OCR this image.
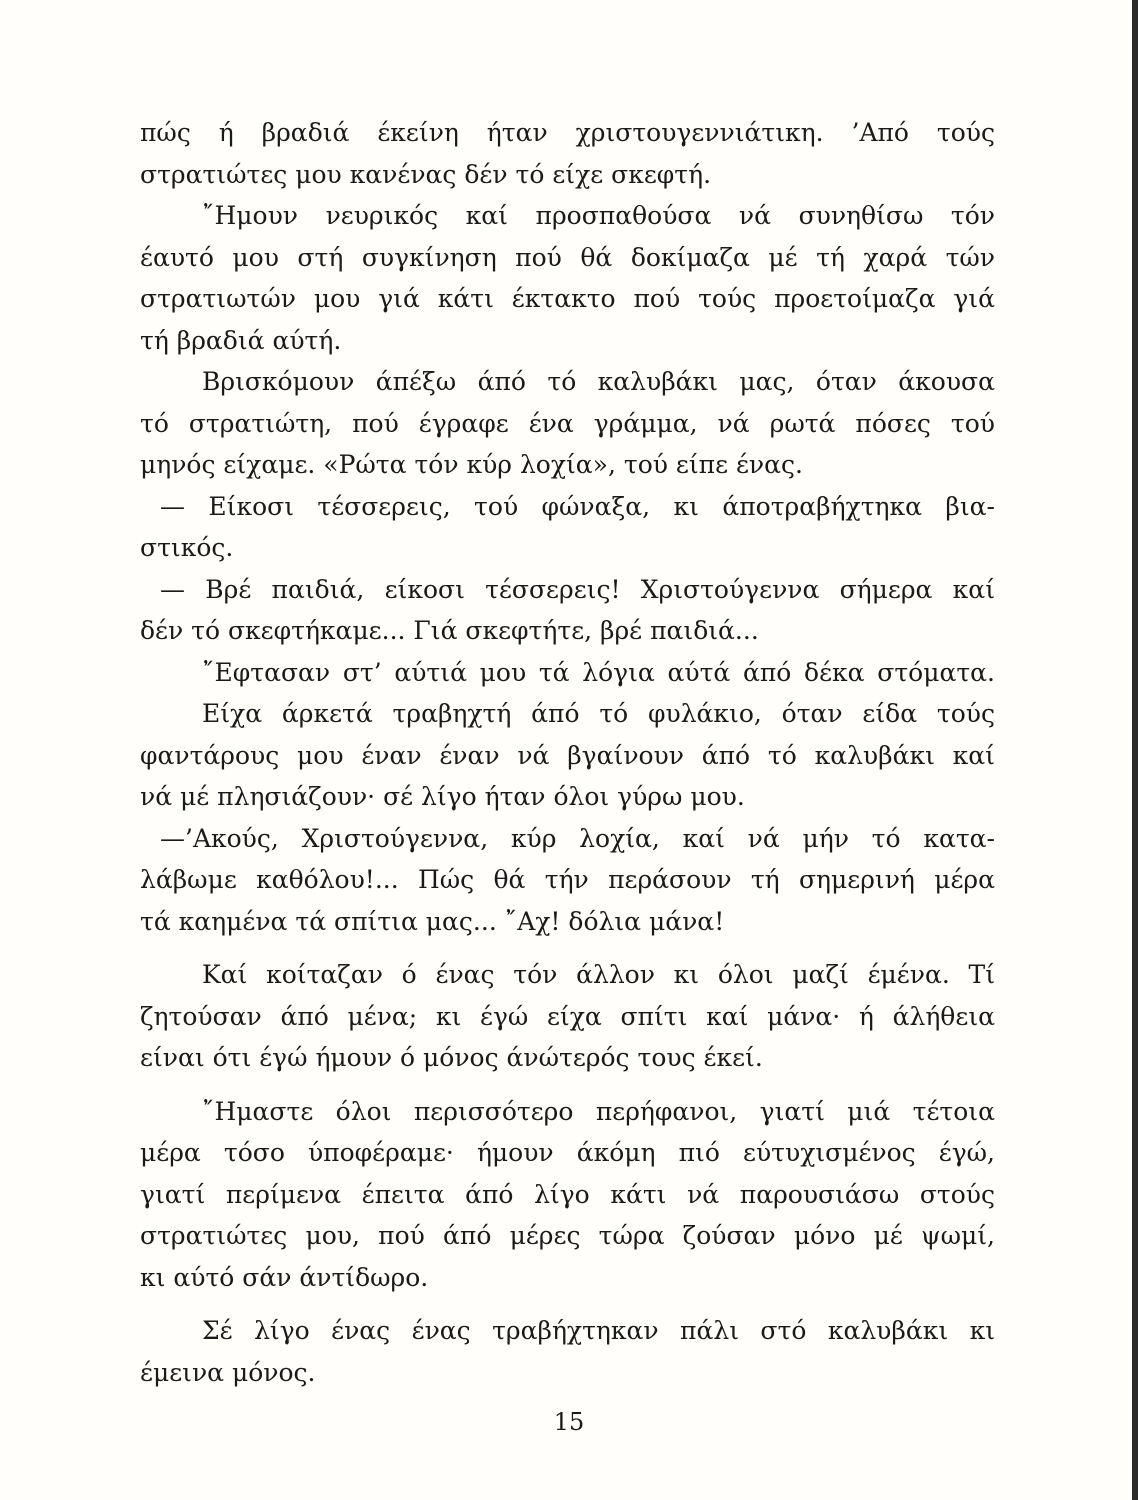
πώς ή βραδιά έκείνη ήταν χριστουγεννιάτικη. ’Από τούς
στρατιώτες μου κανένας δέν τό είχε σκεφτή.
῎Ημουν νευρικός καί προσπαθούσα νά συνηθίσω τόν
έαυτό μου στή συγκίνηση πού θά δοκίμαζα μέ τή χαρά τών
στρατιωτών μου γιά κάτι έκτακτο πού τούς προετοίμαζα γιά
τή βραδιά αύτή.
Βρισκόμουν άπέξω άπό τό καλυβάκι μας, όταν άκουσα
τό στρατιώτη, πού έγραφε ένα γράμμα, νά ρωτά πόσες τού
μηνός είχαμε. «Ρώτα τόν κύρ λοχία», τού είπε ένας.
— Είκοσι τέσσερεις, τού φώναξα, κι άποτραβήχτηκα βια-
στικός.
— Βρέ παιδιά, είκοσι τέσσερεις! Χριστούγεννα σήμερα καί
δέν τό σκεφτήκαμε... Γιά σκεφτήτε, βρέ παιδιά...
῎Εφτασαν στ’ αύτιά μου τά λόγια αύτά άπό δέκα στόματα.
Είχα άρκετά τραβηχτή άπό τό φυλάκιο, όταν είδα τούς
φαντάρους μου έναν έναν νά βγαίνουν άπό τό καλυβάκι καί
νά μέ πλησιάζουν· σέ λίγο ήταν όλοι γύρω μου.
—’Ακούς, Χριστούγεννα, κύρ λοχία, καί νά μήν τό κατα-
λάβωμε καθόλου!... Πώς θά τήν περάσουν τή σημερινή μέρα
τά καημένα τά σπίτια μας... ῎Αχ! δόλια μάνα!
Καί κοίταζαν ό ένας τόν άλλον κι όλοι μαζί έμένα. Τί
ζητούσαν άπό μένα; κι έγώ είχα σπίτι καί μάνα· ή άλήθεια
είναι ότι έγώ ήμουν ό μόνος άνώτερός τους έκεί.
῎Ημαστε όλοι περισσότερο περήφανοι, γιατί μιά τέτοια
μέρα τόσο ύποφέραμε· ήμουν άκόμη πιό εύτυχισμένος έγώ,
γιατί περίμενα έπειτα άπό λίγο κάτι νά παρουσιάσω στούς
στρατιώτες μου, πού άπό μέρες τώρα ζούσαν μόνο μέ ψωμί,
κι αύτό σάν άντίδωρο.
Σέ λίγο ένας ένας τραβήχτηκαν πάλι στό καλυβάκι κι
έμεινα μόνος.
15
